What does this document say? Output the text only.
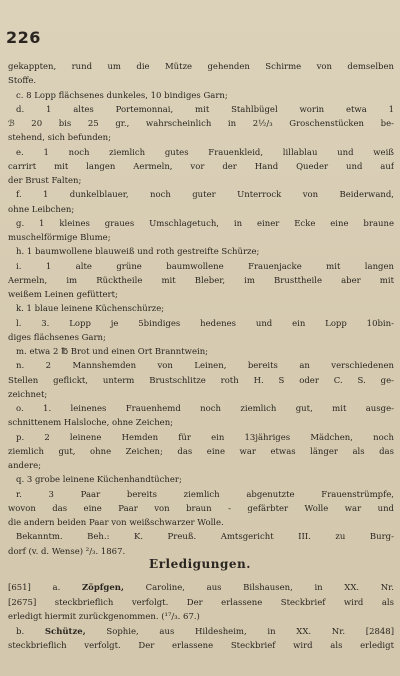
226
gekappten, rund um die Mütze gehenden Schirme von demselben
Stoffe.
c. 8 Lopp flächsenes dunkeles, 10 bindiges Garn;
d. 1 altes Portemonnai, mit Stahlbügel worin etwa 1
ℬ 20 bis 25 gr., wahrscheinlich in 2½/₃ Groschenstücken be-
stehend, sich befunden;
e. 1 noch ziemlich gutes Frauenkleid, lillablau und weiß
carrirt mit langen Aermeln, vor der Hand Queder und auf
der Brust Falten;
f. 1 dunkelblauer, noch guter Unterrock von Beiderwand,
ohne Leibchen;
g. 1 kleines graues Umschlagetuch, in einer Ecke eine braune
muschelförmige Blume;
h. 1 baumwollene blauweiß und roth gestreifte Schürze;
i. 1 alte grüne baumwollene Frauenjacke mit langen
Aermeln, im Rücktheile mit Bleber, im Brusttheile aber mit
weißem Leinen gefüttert;
k. 1 blaue leinene Küchenschürze;
l. 3. Lopp je 5bindiges hedenes und ein Lopp 10bin-
diges flächsenes Garn;
m. etwa 2 ℔ Brot und einen Ort Branntwein;
n. 2 Mannshemden von Leinen, bereits an verschiedenen
Stellen geflickt, unterm Brustschlitze roth H. S oder C. S. ge-
zeichnet;
o. 1. leinenes Frauenhemd noch ziemlich gut, mit ausge-
schnittenem Halsloche, ohne Zeichen;
p. 2 leinene Hemden für ein 13jähriges Mädchen, noch
ziemlich gut, ohne Zeichen; das eine war etwas länger als das
andere;
q. 3 grobe leinene Küchenhandtücher;
r. 3 Paar bereits ziemlich abgenutzte Frauenstrümpfe,
wovon das eine Paar von braun - gefärbter Wolle war und
die andern beiden Paar von weißschwarzer Wolle.
Bekanntm. Beh.: K. Preuß. Amtsgericht III. zu Burg-
dorf (v. d. Wense) ²/₃. 1867.
Erledigungen.
[651]	a.	Zöpfgen,	Caroline, aus Bilshausen, in XX. Nr.
[2675] steckbrieflich verfolgt. Der erlassene Steckbrief wird als
erledigt hiermit zurückgenommen. (¹⁷/₃. 67.)
b. Schütze, Sophie, aus Hildesheim, in XX. Nr. [2848]
steckbrieflich verfolgt. Der erlassene Steckbrief wird als erledigt
